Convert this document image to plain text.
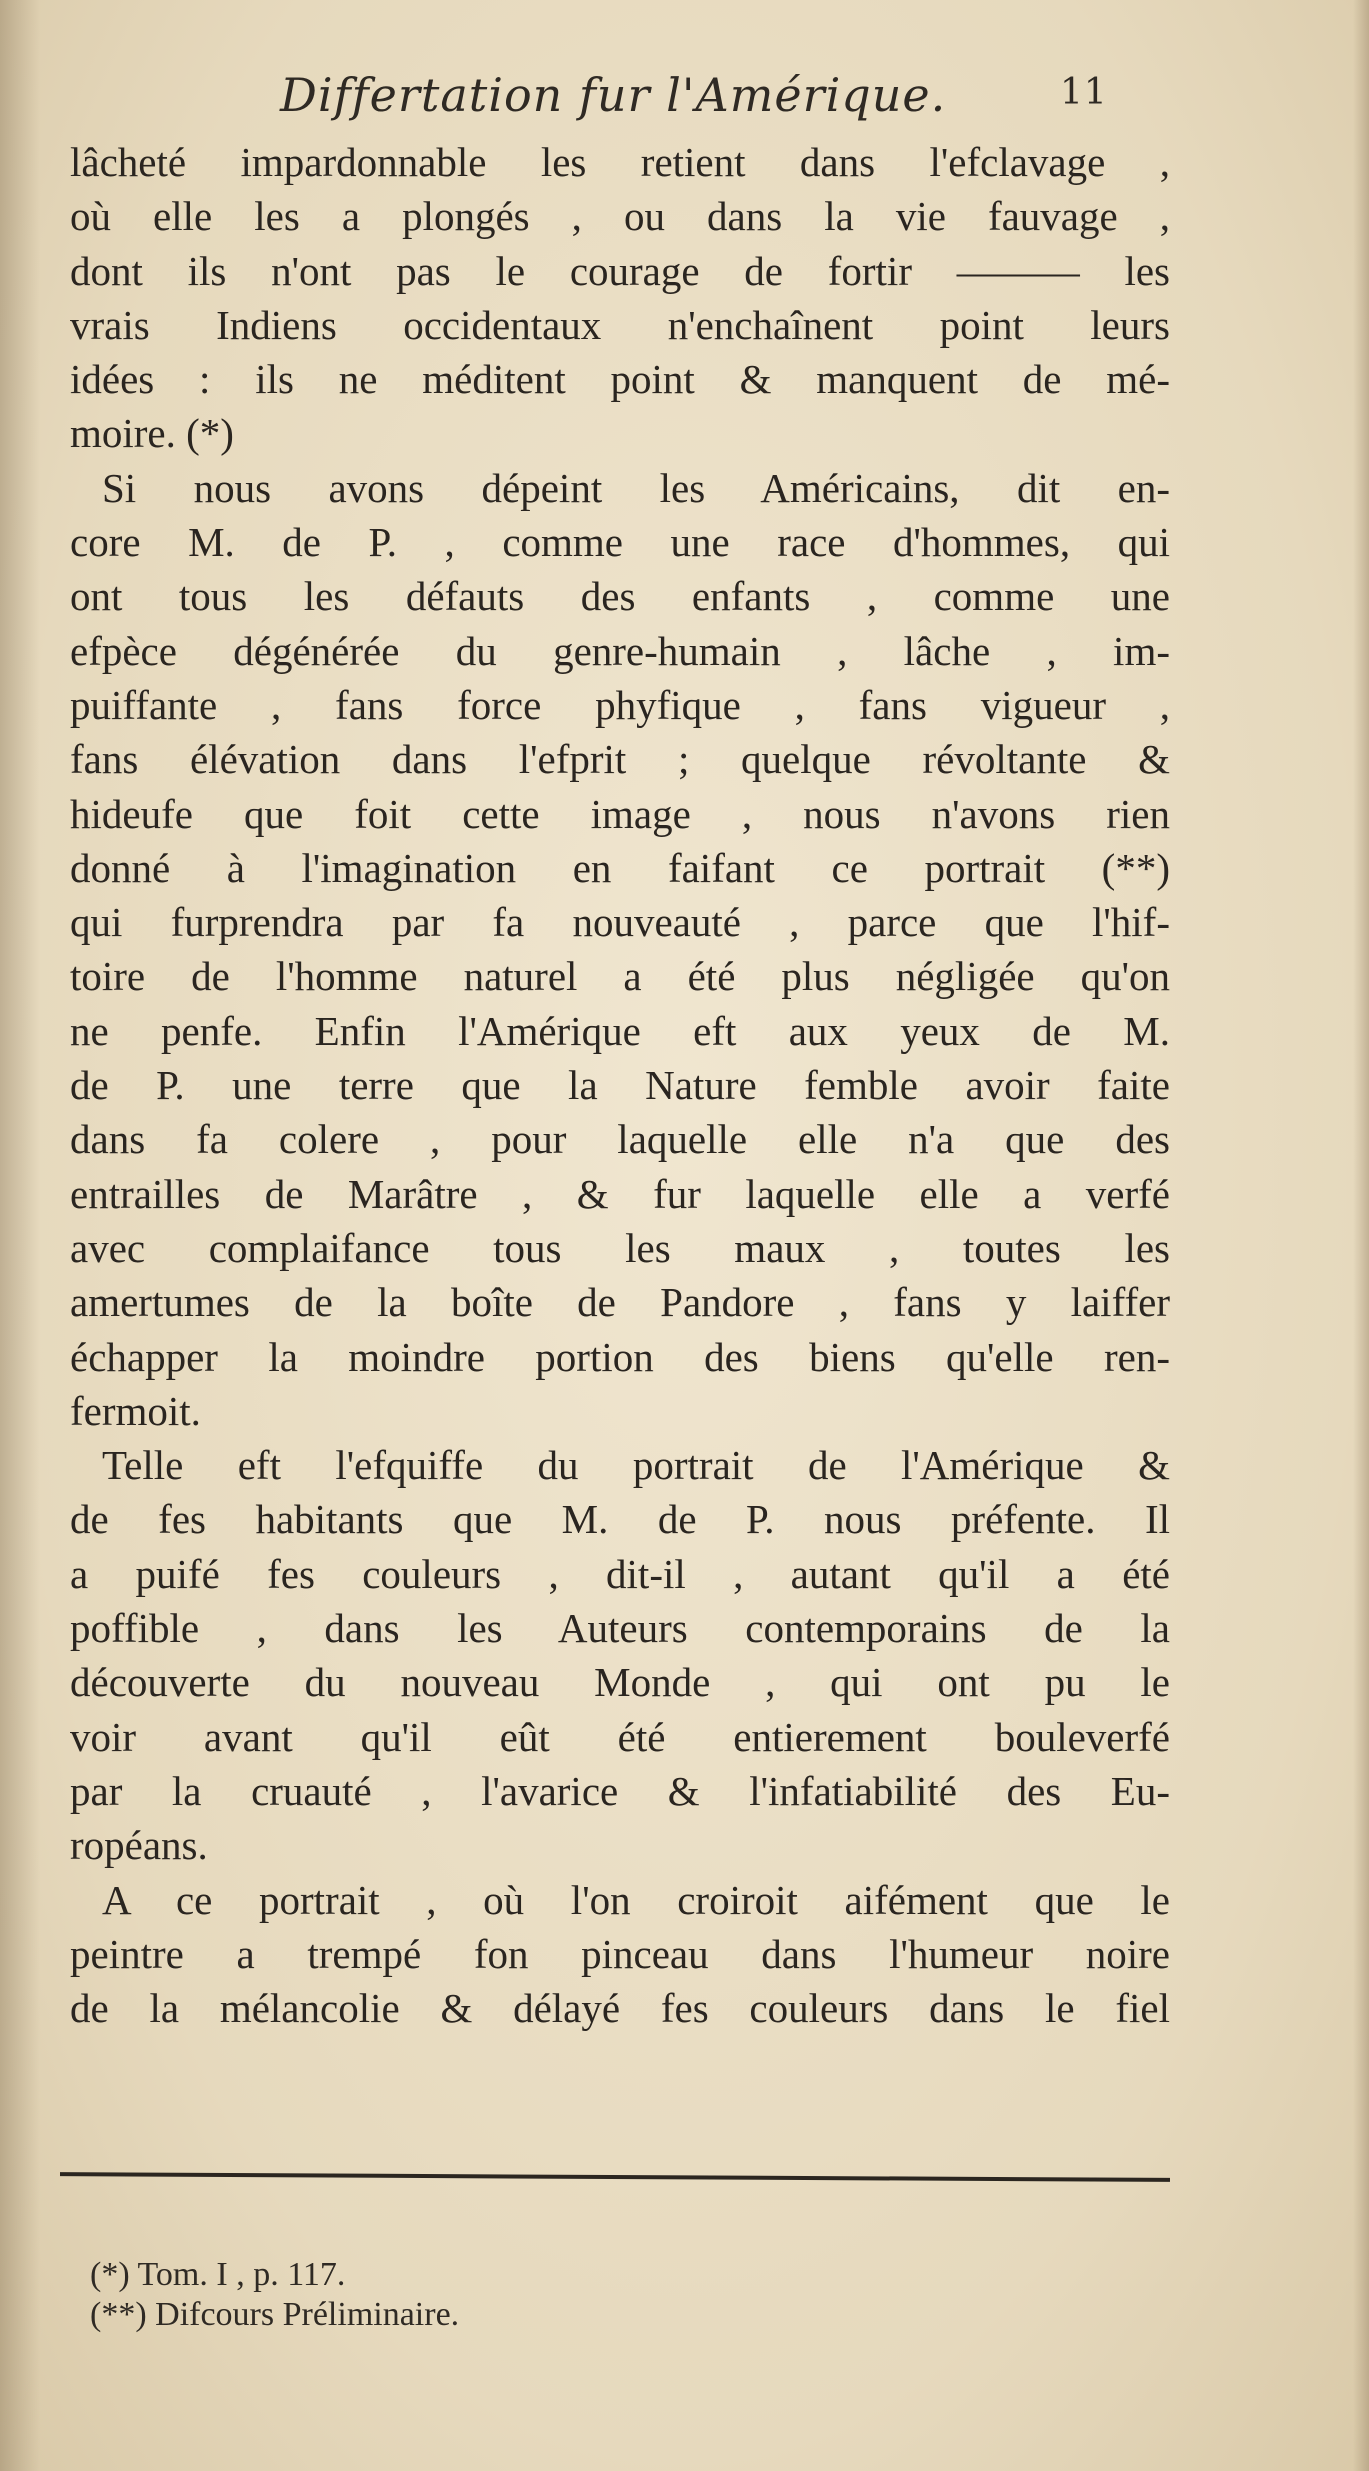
Differtation fur l'Amérique.	11
lâcheté impardonnable les retient dans l'efclavage ,
où elle les a plongés , ou dans la vie fauvage ,
dont ils n'ont pas le courage de fortir ——— les
vrais Indiens occidentaux n'enchaînent point leurs
idées : ils ne méditent point & manquent de mé-
moire. (*)
Si nous avons dépeint les Américains, dit en-
core M. de P. , comme une race d'hommes, qui
ont tous les défauts des enfants , comme une
efpèce dégénérée du genre-humain , lâche , im-
puiffante , fans force phyfique , fans vigueur ,
fans élévation dans l'efprit ; quelque révoltante &
hideufe que foit cette image , nous n'avons rien
donné à l'imagination en faifant ce portrait (**)
qui furprendra par fa nouveauté , parce que l'hif-
toire de l'homme naturel a été plus négligée qu'on
ne penfe. Enfin l'Amérique eft aux yeux de M.
de P. une terre que la Nature femble avoir faite
dans fa colere , pour laquelle elle n'a que des
entrailles de Marâtre , & fur laquelle elle a verfé
avec complaifance tous les maux , toutes les
amertumes de la boîte de Pandore , fans y laiffer
échapper la moindre portion des biens qu'elle ren-
fermoit.
Telle eft l'efquiffe du portrait de l'Amérique &
de fes habitants que M. de P. nous préfente. Il
a puifé fes couleurs , dit-il , autant qu'il a été
poffible , dans les Auteurs contemporains de la
découverte du nouveau Monde , qui ont pu le
voir avant qu'il eût été entierement bouleverfé
par la cruauté , l'avarice & l'infatiabilité des Eu-
ropéans.
A ce portrait , où l'on croiroit aifément que le
peintre a trempé fon pinceau dans l'humeur noire
de la mélancolie & délayé fes couleurs dans le fiel
(*) Tom. I , p. 117.
(**) Difcours Préliminaire.
